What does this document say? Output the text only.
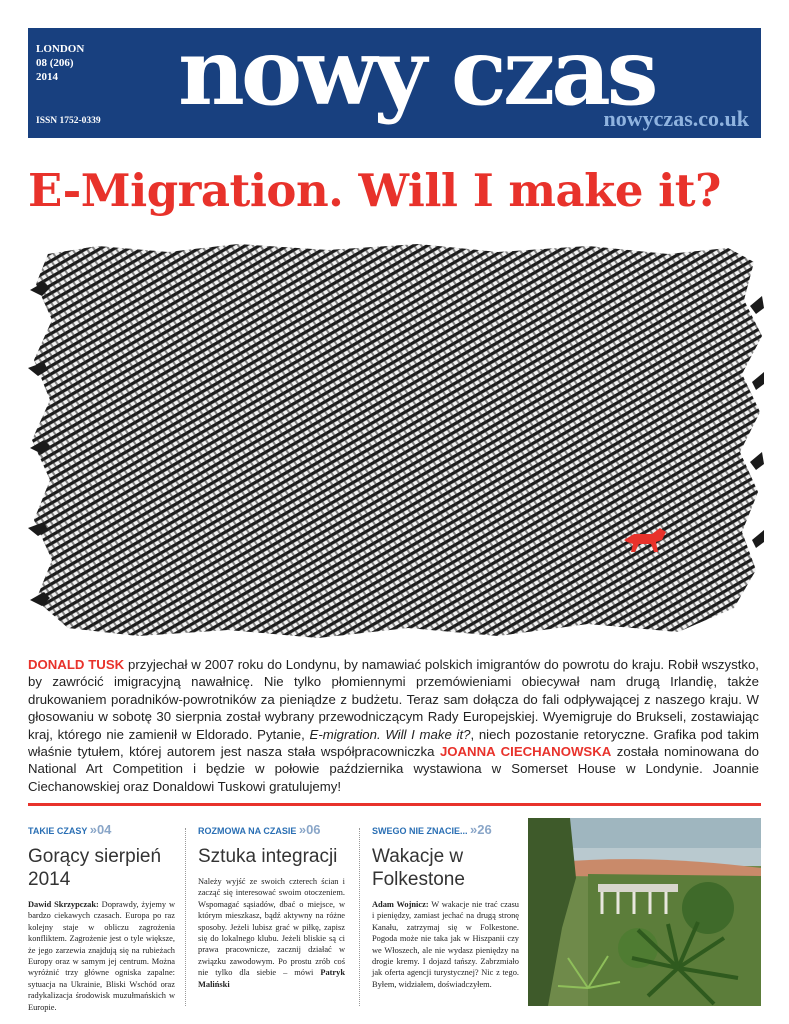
LONDON
08 (206)
2014
ISSN 1752-0339 nowy czas
nowyczas.co.uk
E-Migration. Will I make it?
DONALD TUSK przyjechał w 2007 roku do Londynu, by namawiać polskich imigrantów do powrotu do kraju. Robił wszystko, by zawrócić imigracyjną nawałnicę. Nie tylko płomiennymi przemówieniami obiecywał nam drugą Irlandię, także drukowaniem poradników-powrotników za pieniądze z budżetu. Teraz sam dołącza do fali odpływającej z naszego kraju. W głosowaniu w sobotę 30 sierpnia został wybrany przewodniczącym Rady Europejskiej. Wyemigruje do Brukseli, zostawiając kraj, którego nie zamienił w Eldorado. Pytanie, E-migration. Will I make it?, niech pozostanie retoryczne. Grafika pod takim właśnie tytułem, której autorem jest nasza stała współpracowniczka JOANNA CIECHANOWSKA została nominowana do National Art Competition i będzie w połowie października wystawiona w Somerset House w Londynie. Joannie Ciechanowskiej oraz Donaldowi Tuskowi gratulujemy!
TAKIE CZASY »04
Gorący sierpień 2014
Dawid Skrzypczak: Doprawdy, żyjemy w bardzo ciekawych czasach. Europa po raz kolejny staje w obliczu zagrożenia konfliktem. Zagrożenie jest o tyle większe, że jego zarzewia znajdują się na rubieżach Europy oraz w samym jej centrum. Można wyróżnić trzy główne ogniska zapalne: sytuacja na Ukrainie, Bliski Wschód oraz radykalizacja środowisk muzułmańskich w Europie.
ROZMOWA NA CZASIE »06
Sztuka integracji
Należy wyjść ze swoich czterech ścian i zacząć się interesować swoim otoczeniem. Wspomagać sąsiadów, dbać o miejsce, w którym mieszkasz, bądź aktywny na różne sposoby. Jeżeli lubisz grać w piłkę, zapisz się do lokalnego klubu. Jeżeli bliskie są ci prawa pracownicze, zacznij działać w związku zawodowym. Po prostu zrób coś nie tylko dla siebie – mówi Patryk Maliński
SWEGO NIE ZNACIE... »26
Wakacje w Folkestone
Adam Wojnicz: W wakacje nie trać czasu i pieniędzy, zamiast jechać na drugą stronę Kanału, zatrzymaj się w Folkestone. Pogoda może nie taka jak w Hiszpanii czy we Włoszech, ale nie wydasz pieniędzy na drogie kremy. I dojazd tańszy. Zabrzmiało jak oferta agencji turystycznej? Nic z tego. Byłem, widziałem, doświadczyłem.
